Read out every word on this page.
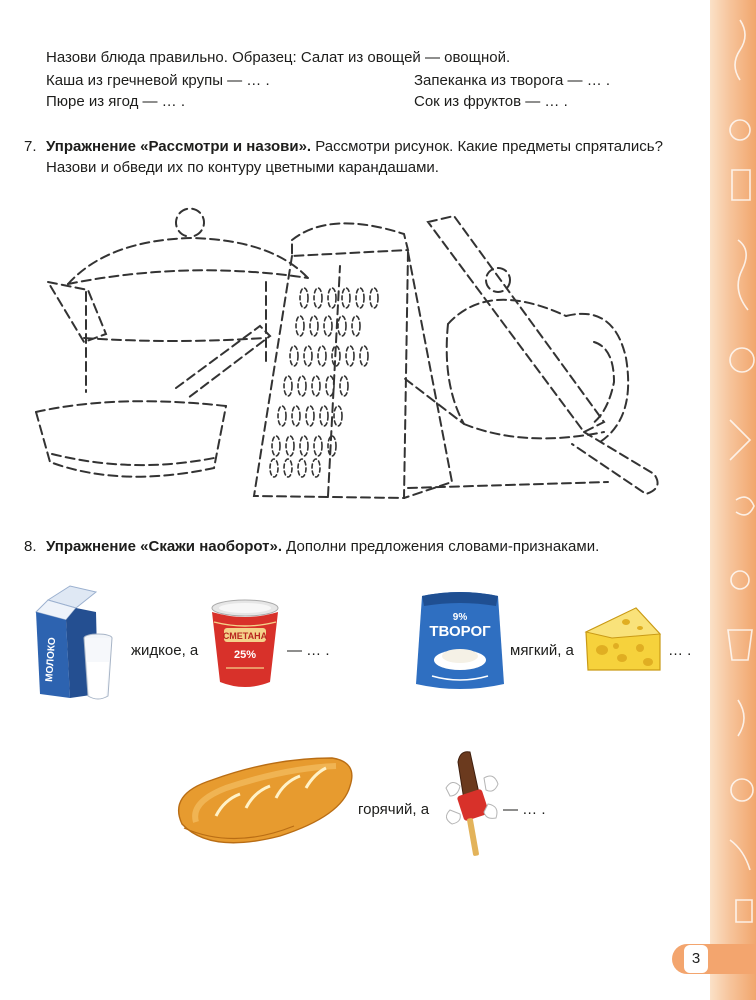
Назови блюда правильно. Образец: Салат из овощей — овощной.
Каша из гречневой крупы — … .	Запеканка из творога — … .
Пюре из ягод — … .	Сок из фруктов — … .
7. Упражнение «Рассмотри и назови». Рассмотри рисунок. Какие предметы спрятались?
Назови и обведи их по контуру цветными карандашами.
8. Упражнение «Скажи наоборот». Дополни предложения словами-признаками.
МОЛОКО	жидкое, а
СМЕТАНА
25% — … .
9%
ТВОРОГ
мягкий, а	… .
горячий, а	— … .
3
